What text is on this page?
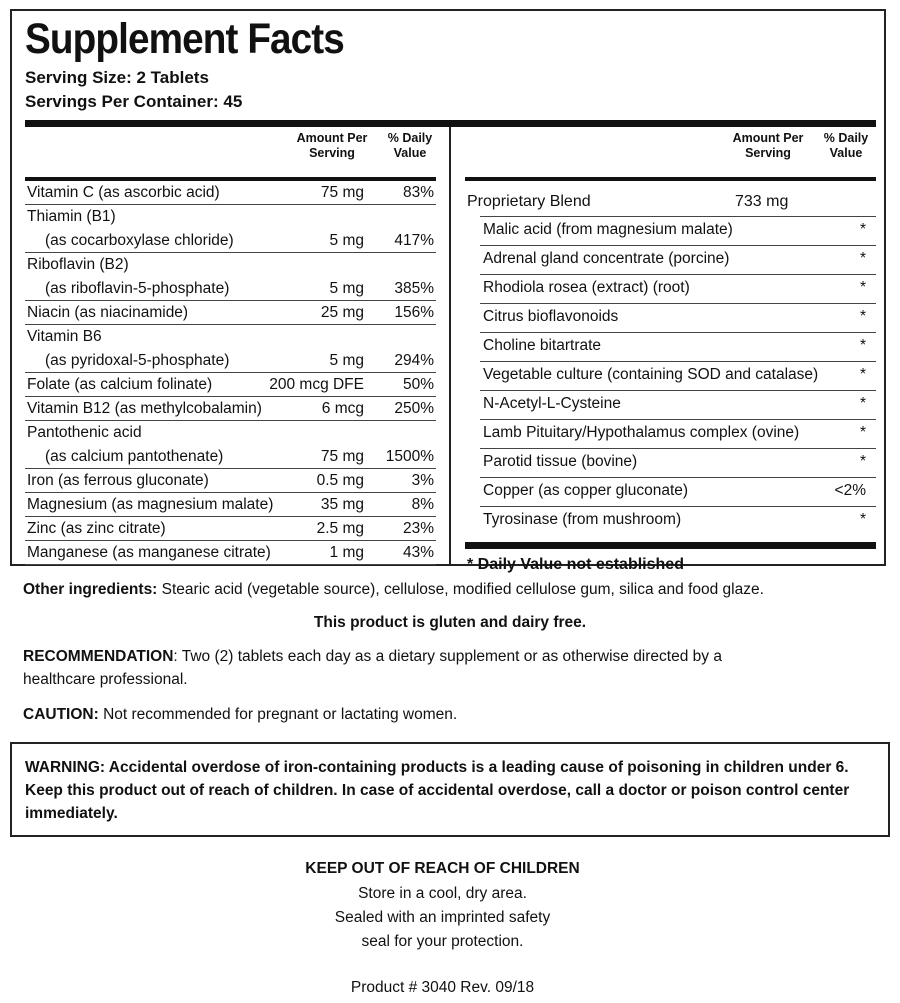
Supplement Facts
Serving Size: 2 Tablets
Servings Per Container: 45
Amount Per
Serving
% Daily
Value
Vitamin C (as ascorbic acid)	75 mg	83%
Thiamin (B1)
(as cocarboxylase chloride)	5 mg 417%
Riboflavin (B2)
(as riboflavin-5-phosphate)	5 mg 385%
Niacin (as niacinamide)	25 mg 156%
Vitamin B6
(as pyridoxal-5-phosphate)	5 mg 294%
Folate (as calcium folinate)	200 mcg DFE	50%
Vitamin B12 (as methylcobalamin)	6 mcg 250%
Pantothenic acid
(as calcium pantothenate)	75 mg 1500%
Iron (as ferrous gluconate)	0.5 mg	3%
Magnesium (as magnesium malate)	35 mg	8%
Zinc (as zinc citrate)	2.5 mg	23%
Manganese (as manganese citrate)	1 mg	43%
Amount Per
Serving
% Daily
Value
Proprietary Blend	733 mg
Malic acid (from magnesium malate)	*
Adrenal gland concentrate (porcine)	*
Rhodiola rosea (extract) (root)	*
Citrus bioflavonoids	*
Choline bitartrate	*
Vegetable culture (containing SOD and catalase)	*
N-Acetyl-L-Cysteine	*
Lamb Pituitary/Hypothalamus complex (ovine)	*
Parotid tissue (bovine)	*
Copper (as copper gluconate)	<2%
Tyrosinase (from mushroom)	*
* Daily Value not established
Other ingredients: Stearic acid (vegetable source), cellulose, modified cellulose gum, silica and food glaze.
This product is gluten and dairy free.
RECOMMENDATION: Two (2) tablets each day as a dietary supplement or as otherwise directed by a healthcare professional.
CAUTION: Not recommended for pregnant or lactating women.
WARNING: Accidental overdose of iron-containing products is a leading cause of poisoning in children under 6. Keep this product out of reach of children. In case of accidental overdose, call a doctor or poison control center immediately.
KEEP OUT OF REACH OF CHILDREN
Store in a cool, dry area.
Sealed with an imprinted safety
seal for your protection.
Product # 3040 Rev. 09/18
